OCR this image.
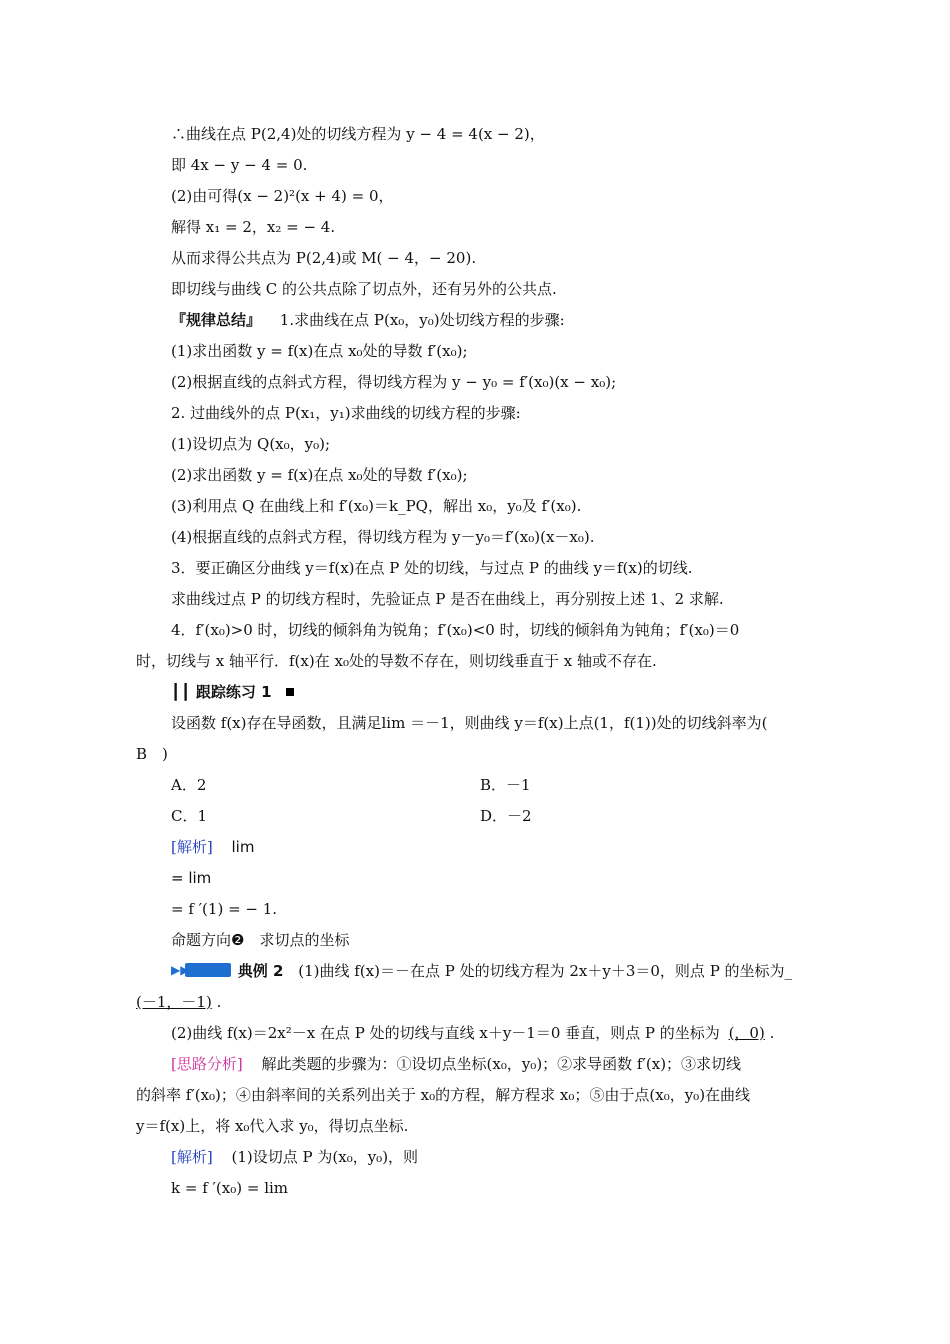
∴曲线在点 P(2,4)处的切线方程为 y − 4 = 4(x − 2)，
即 4x − y − 4 = 0.
(2)由可得(x − 2)²(x + 4) = 0，
解得 x₁ = 2，x₂ = − 4.
从而求得公共点为 P(2,4)或 M( − 4，− 20).
即切线与曲线 C 的公共点除了切点外，还有另外的公共点.
『规律总结』 1.求曲线在点 P(x₀，y₀)处切线方程的步骤:
(1)求出函数 y = f(x)在点 x₀处的导数 f′(x₀);
(2)根据直线的点斜式方程，得切线方程为 y − y₀ = f′(x₀)(x − x₀);
2. 过曲线外的点 P(x₁，y₁)求曲线的切线方程的步骤:
(1)设切点为 Q(x₀，y₀);
(2)求出函数 y = f(x)在点 x₀处的导数 f′(x₀);
(3)利用点 Q 在曲线上和 f′(x₀)＝k_PQ，解出 x₀，y₀及 f′(x₀).
(4)根据直线的点斜式方程，得切线方程为 y－y₀＝f′(x₀)(x－x₀).
3．要正确区分曲线 y＝f(x)在点 P 处的切线，与过点 P 的曲线 y＝f(x)的切线.
求曲线过点 P 的切线方程时，先验证点 P 是否在曲线上，再分别按上述 1、2 求解.
4．f′(x₀)>0 时，切线的倾斜角为锐角；f′(x₀)<0 时，切线的倾斜角为钝角；f′(x₀)＝0
时，切线与 x 轴平行．f(x)在 x₀处的导数不存在，则切线垂直于 x 轴或不存在.
┃┃ 跟踪练习 1
设函数 f(x)存在导函数，且满足lim ＝－1，则曲线 y＝f(x)上点(1，f(1))处的切线斜率为(
B　)
A．2	B．－1
C．1	D．－2
[解析] lim
= lim
= f ′(1) = − 1.
命题方向❷　求切点的坐标
▶▶	典例 2 (1)曲线 f(x)＝－在点 P 处的切线方程为 2x＋y＋3＝0，则点 P 的坐标为_
(－1，－1) .
(2)曲线 f(x)＝2x²－x 在点 P 处的切线与直线 x＋y－1＝0 垂直，则点 P 的坐标为 (，0) .
[思路分析] 解此类题的步骤为：①设切点坐标(x₀，y₀)；②求导函数 f′(x)；③求切线
的斜率 f′(x₀)；④由斜率间的关系列出关于 x₀的方程，解方程求 x₀；⑤由于点(x₀，y₀)在曲线
y＝f(x)上，将 x₀代入求 y₀，得切点坐标.
[解析] (1)设切点 P 为(x₀，y₀)，则
k = f ′(x₀) = lim
